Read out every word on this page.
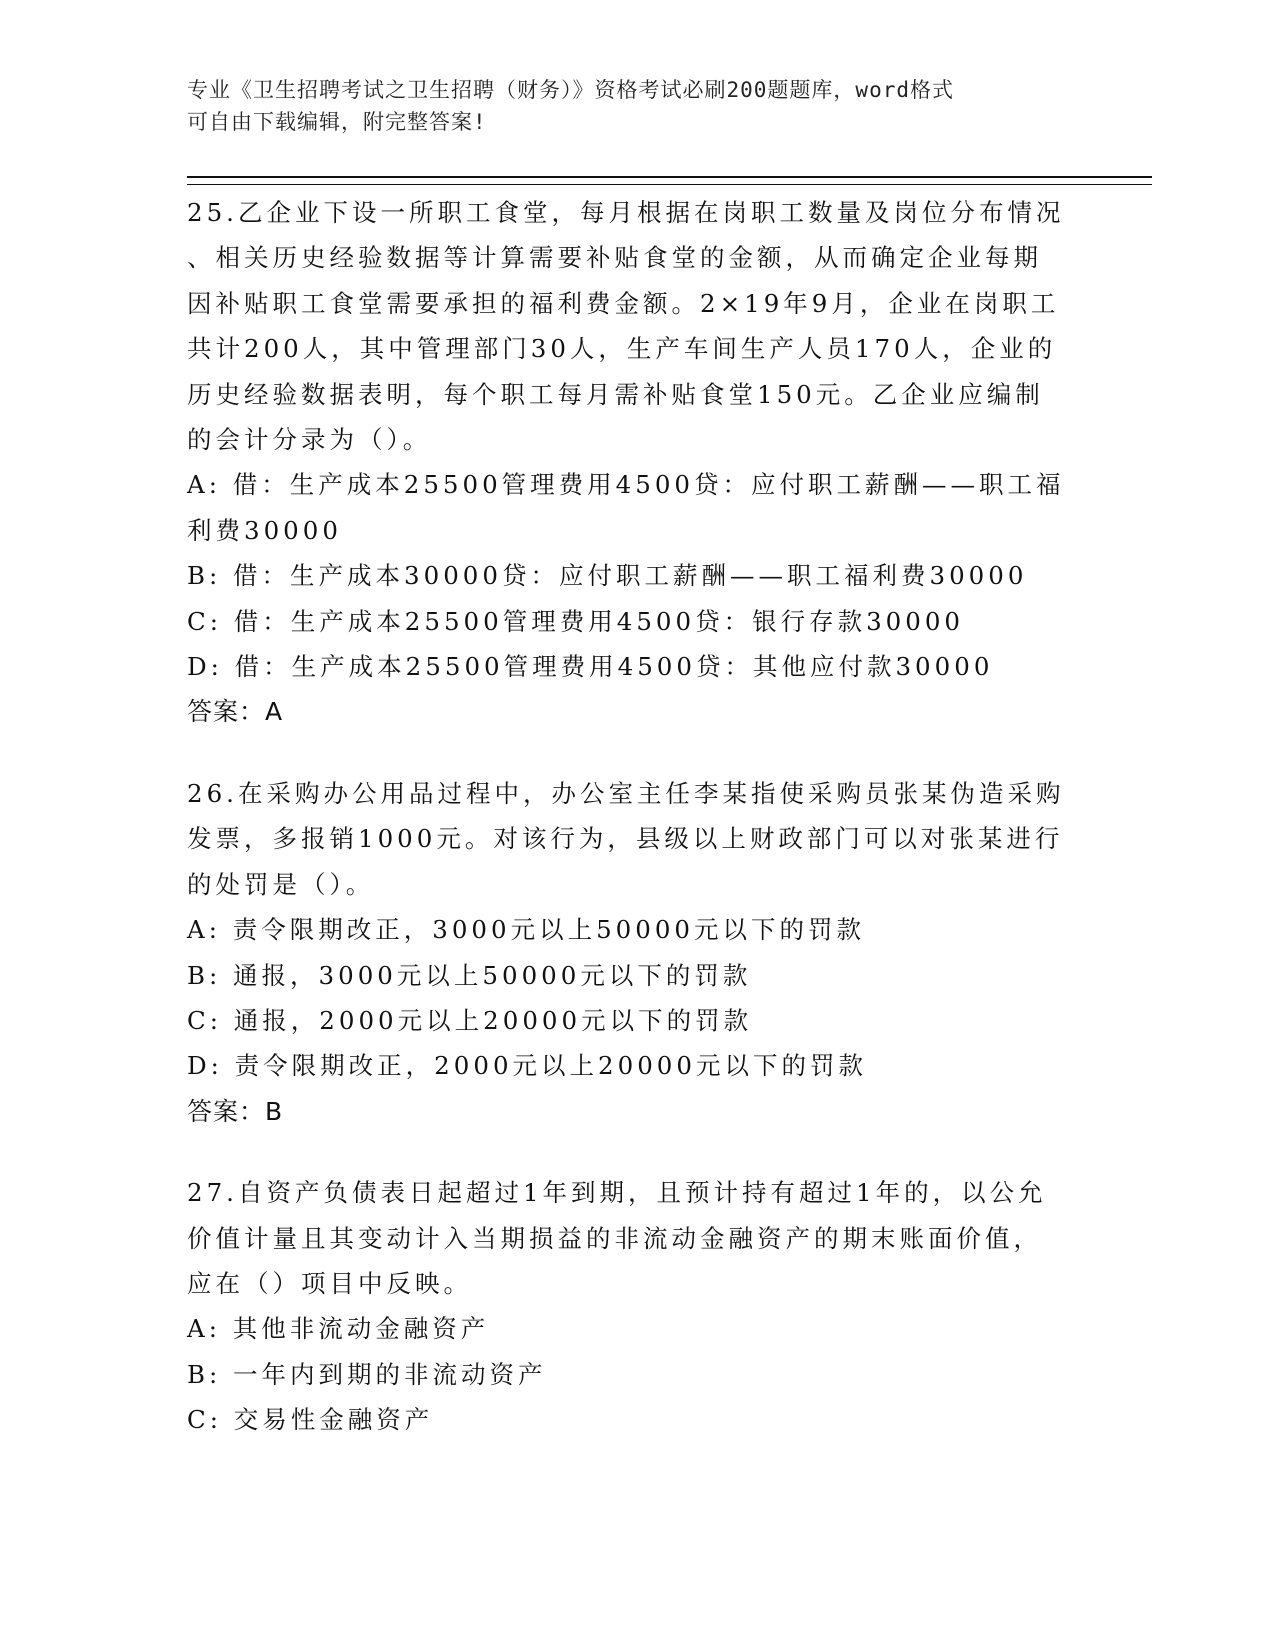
专业《卫生招聘考试之卫生招聘（财务）》资格考试必刷200题题库，word格式
可自由下载编辑，附完整答案!
25.乙企业下设一所职工食堂，每月根据在岗职工数量及岗位分布情况
、相关历史经验数据等计算需要补贴食堂的金额，从而确定企业每期
因补贴职工食堂需要承担的福利费金额。2×19年9月，企业在岗职工
共计200人，其中管理部门30人，生产车间生产人员170人，企业的
历史经验数据表明，每个职工每月需补贴食堂150元。乙企业应编制
的会计分录为（）。
A: 借：生产成本25500管理费用4500贷：应付职工薪酬——职工福
利费30000
B: 借：生产成本30000贷：应付职工薪酬——职工福利费30000
C: 借：生产成本25500管理费用4500贷：银行存款30000
D: 借：生产成本25500管理费用4500贷：其他应付款30000
答案：A
26.在采购办公用品过程中，办公室主任李某指使采购员张某伪造采购
发票，多报销1000元。对该行为，县级以上财政部门可以对张某进行
的处罚是（）。
A: 责令限期改正，3000元以上50000元以下的罚款
B: 通报，3000元以上50000元以下的罚款
C: 通报，2000元以上20000元以下的罚款
D: 责令限期改正，2000元以上20000元以下的罚款
答案：B
27.自资产负债表日起超过1年到期，且预计持有超过1年的，以公允
价值计量且其变动计入当期损益的非流动金融资产的期末账面价值，
应在（）项目中反映。
A: 其他非流动金融资产
B: 一年内到期的非流动资产
C: 交易性金融资产
